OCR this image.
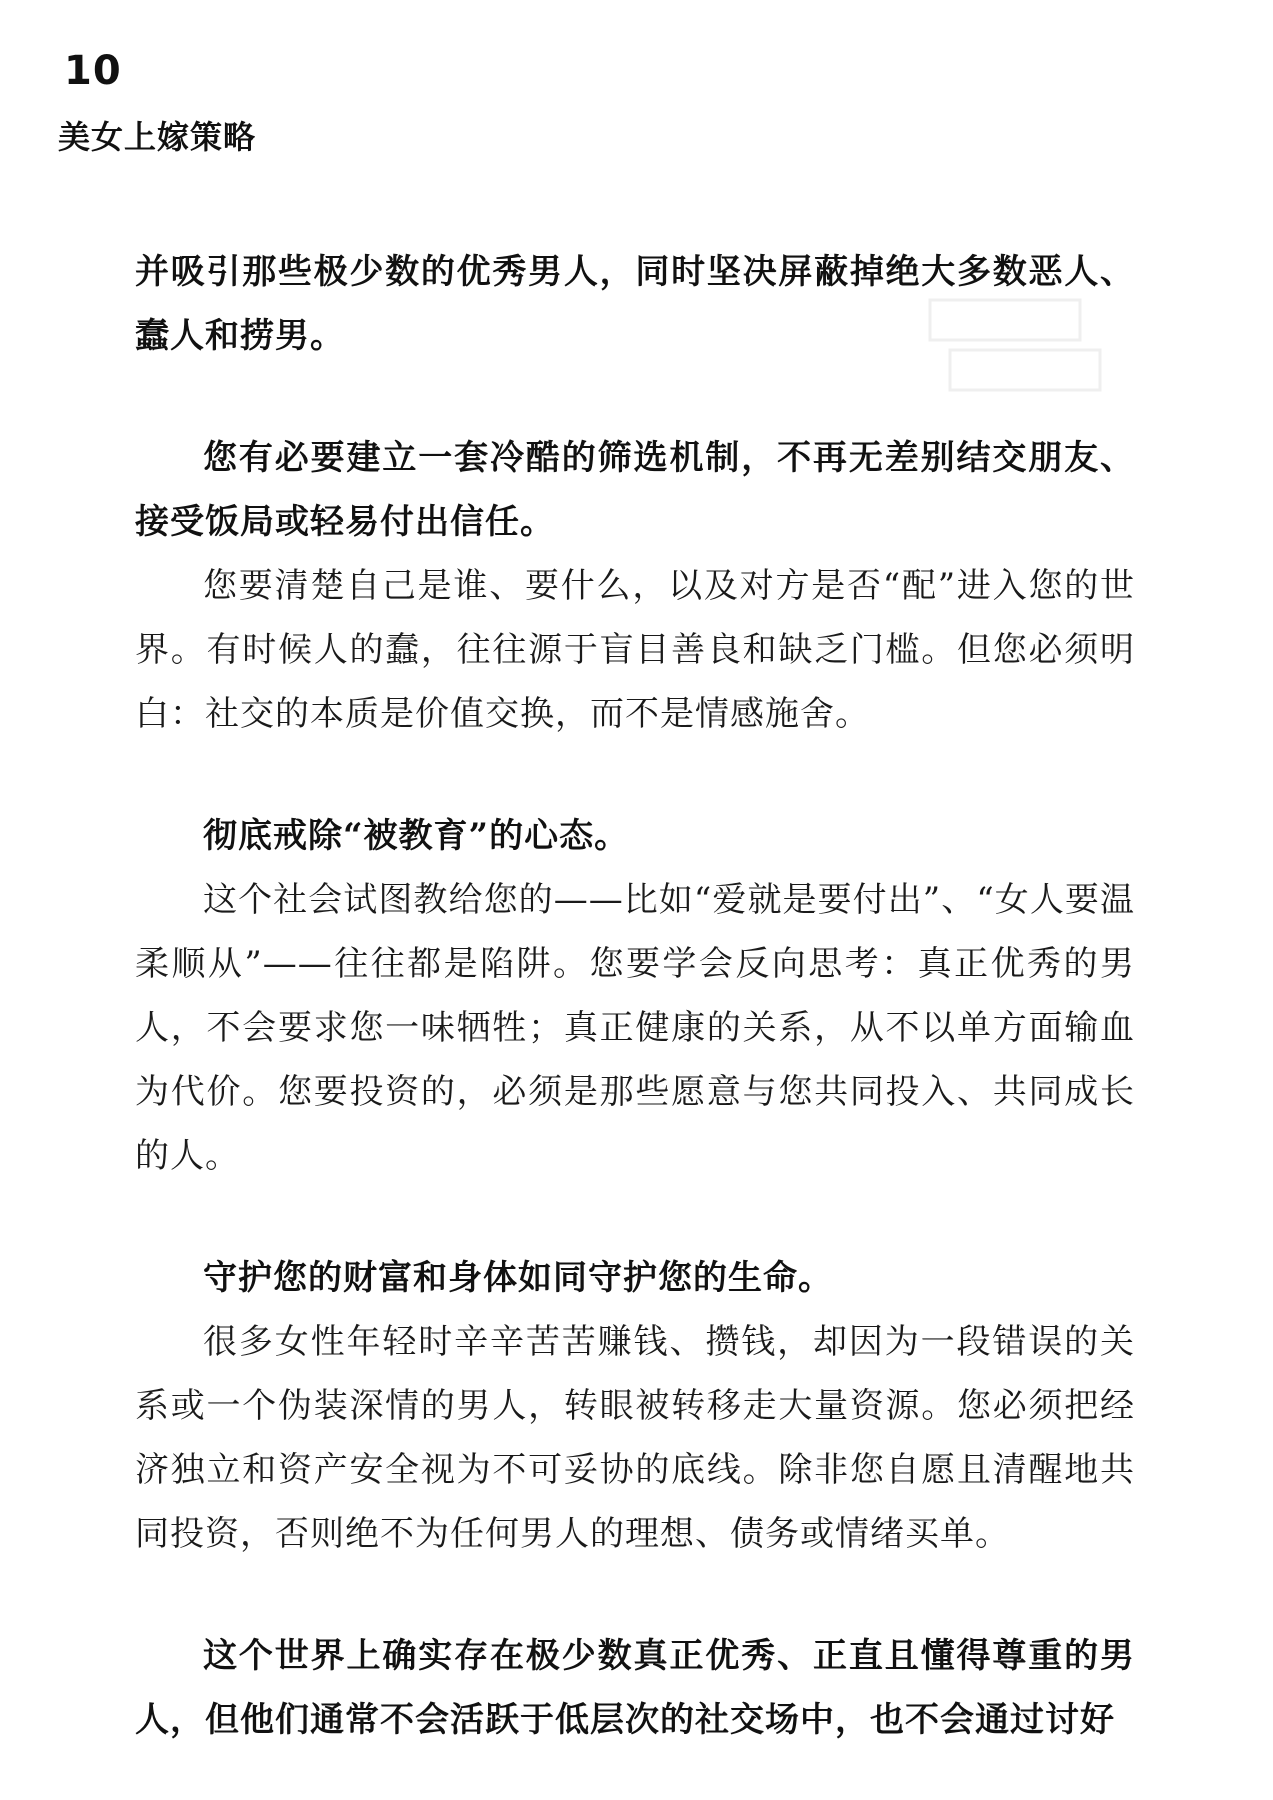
10
美女上嫁策略

并吸引那些极少数的优秀男人，同时坚决屏蔽掉绝大多数恶人、蠢人和捞男。

您有必要建立一套冷酷的筛选机制，不再无差别结交朋友、接受饭局或轻易付出信任。

您要清楚自己是谁、要什么，以及对方是否“配”进入您的世界。有时候人的蠢，往往源于盲目善良和缺乏门槛。但您必须明白：社交的本质是价值交换，而不是情感施舍。

彻底戒除“被教育”的心态。

这个社会试图教给您的——比如“爱就是要付出”、“女人要温柔顺从”——往往都是陷阱。您要学会反向思考：真正优秀的男人，不会要求您一味牺牲；真正健康的关系，从不以单方面输血为代价。您要投资的，必须是那些愿意与您共同投入、共同成长的人。

守护您的财富和身体如同守护您的生命。

很多女性年轻时辛辛苦苦赚钱、攒钱，却因为一段错误的关系或一个伪装深情的男人，转眼被转移走大量资源。您必须把经济独立和资产安全视为不可妥协的底线。除非您自愿且清醒地共同投资，否则绝不为任何男人的理想、债务或情绪买单。

这个世界上确实存在极少数真正优秀、正直且懂得尊重的男人，但他们通常不会活跃于低层次的社交场中，也不会通过讨好
